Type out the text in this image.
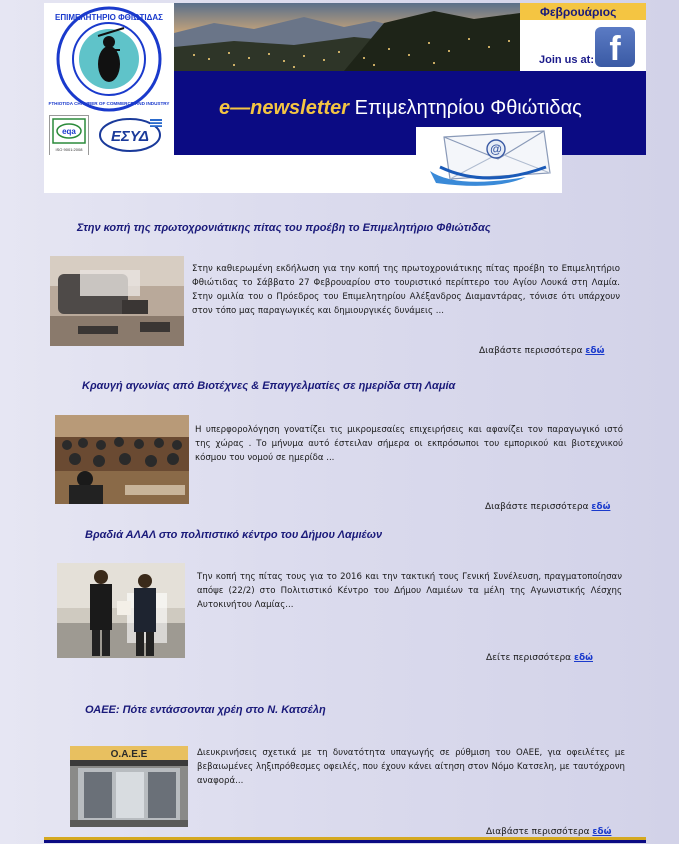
ΕΠΙΜΕΛΗΤΗΡΙΟ ΦΘΙΩΤΙΔΑΣ
FTHIOTIDA CHAMBER OF COMMERCE AND INDUSTRY
eqa
ISO 9001:2008
ΕΣΥΔ
Φεβρουάριος
Join us at: f
e—newsletter Επιμελητηρίου Φθιώτιδας
@
Στην κοπή της πρωτοχρονιάτικης πίτας του προέβη το Επιμελητήριο Φθιώτιδας
Στην καθιερωμένη εκδήλωση για την κοπή της πρωτοχρονιάτικης πίτας προέβη το Επιμελητήριο Φθιώτιδας το Σάββατο 27 Φεβρουαρίου στο τουριστικό περίπτερο του Αγίου Λουκά στη Λαμία. Στην ομιλία του ο Πρόεδρος του Επιμελητηρίου Αλέξανδρος Διαμαντάρας, τόνισε ότι υπάρχουν στον τόπο μας παραγωγικές και δημιουργικές δυνάμεις ...
Διαβάστε περισσότερα εδώ
Κραυγή αγωνίας από Βιοτέχνες & Επαγγελματίες σε ημερίδα στη Λαμία
Η υπερφορολόγηση γονατίζει τις μικρομεσαίες επιχειρήσεις και αφανίζει τον παραγωγικό ιστό της χώρας . Το μήνυμα αυτό έστειλαν σήμερα οι εκπρόσωποι του εμπορικού και βιοτεχνικού κόσμου του νομού σε ημερίδα ...
Διαβάστε περισσότερα εδώ
Βραδιά ΑΛΑΛ στο πολιτιστικό κέντρο του Δήμου Λαμιέων
Την κοπή της πίτας τους για το 2016 και την τακτική τους Γενική Συνέλευση, πραγματοποίησαν απόψε (22/2) στο Πολιτιστικό Κέντρο του Δήμου Λαμιέων τα μέλη της Αγωνιστικής Λέσχης Αυτοκινήτου Λαμίας...
Δείτε περισσότερα εδώ
ΟΑΕΕ: Πότε εντάσσονται χρέη στο Ν. Κατσέλη
O.A.E.E	Διευκρινήσεις σχετικά με τη δυνατότητα υπαγωγής σε ρύθμιση του ΟΑΕΕ, για οφειλέτες με βεβαιωμένες ληξιπρόθεσμες οφειλές, που έχουν κάνει αίτηση στον Νόμο Κατσελη, με ταυτόχρονη αναφορά...
Διαβάστε περισσότερα εδώ
